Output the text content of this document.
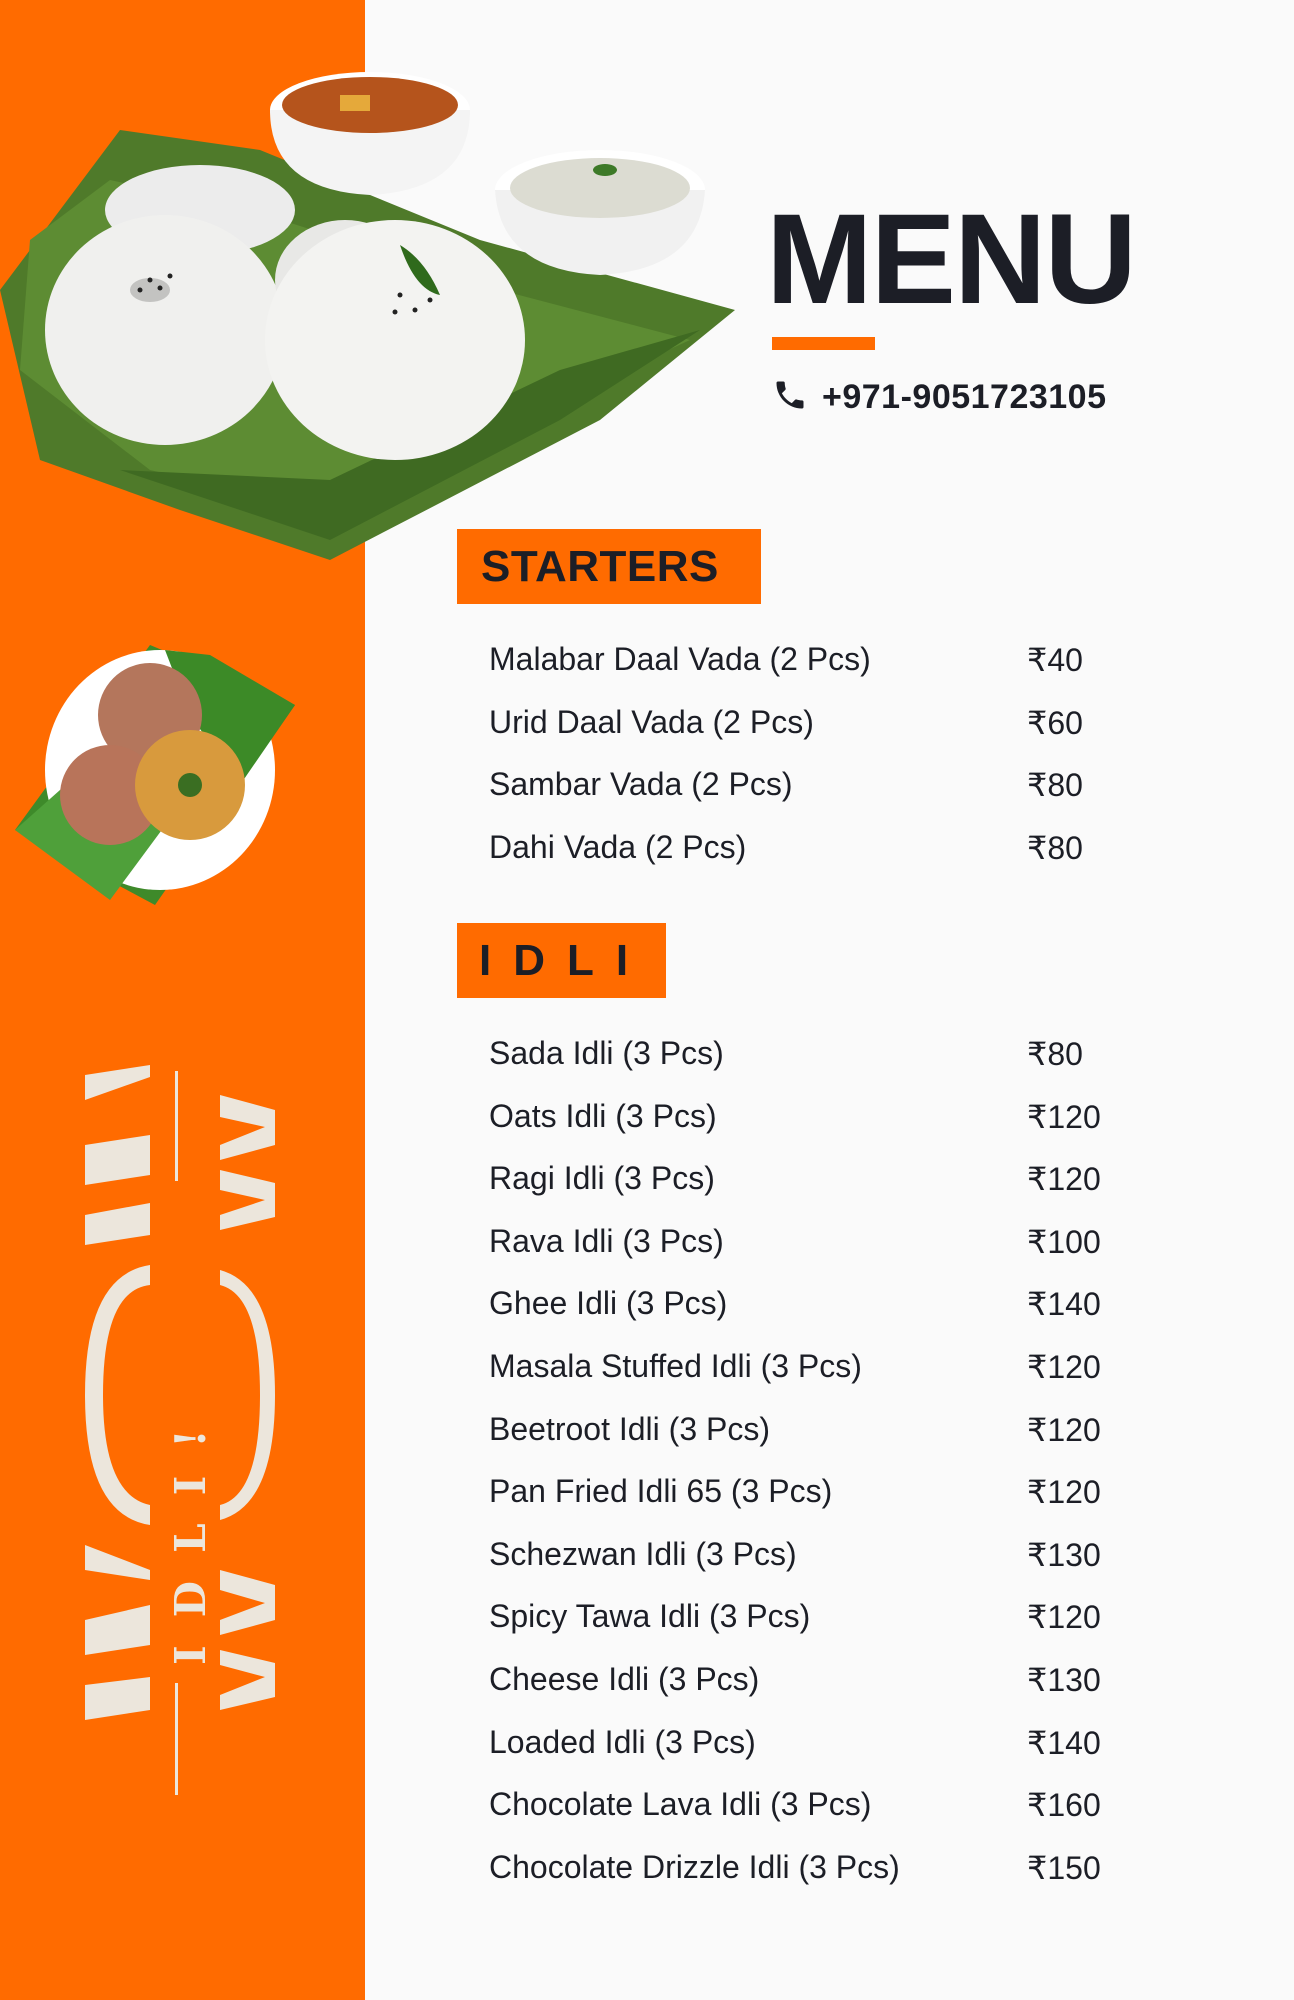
IDLI!
MENU
+971-9051723105
STARTERS
Malabar Daal Vada (2 Pcs)	₹40
Urid Daal Vada (2 Pcs)	₹60
Sambar Vada (2 Pcs)	₹80
Dahi Vada (2 Pcs)	₹80
IDLI
Sada Idli (3 Pcs)	₹80
Oats Idli (3 Pcs)	₹120
Ragi Idli (3 Pcs)	₹120
Rava Idli (3 Pcs)	₹100
Ghee Idli (3 Pcs)	₹140
Masala Stuffed Idli (3 Pcs)	₹120
Beetroot Idli (3 Pcs)	₹120
Pan Fried Idli 65 (3 Pcs)	₹120
Schezwan Idli (3 Pcs)	₹130
Spicy Tawa Idli (3 Pcs)	₹120
Cheese Idli (3 Pcs)	₹130
Loaded Idli (3 Pcs)	₹140
Chocolate Lava Idli (3 Pcs)	₹160
Chocolate Drizzle Idli (3 Pcs)	₹150
